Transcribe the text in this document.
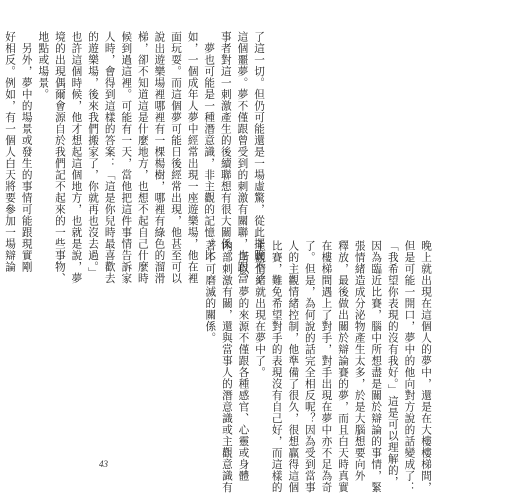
了這一切。但仍可能還是一場虛驚，從此擺脫不了
這個噩夢。夢不僅跟曾受到的刺激有關聯，也跟當
事者對這一刺激產生的後續聯想有很大關係。
　夢也可能是一種潛意識，非主觀的記憶。比
如，一個成年人夢中經常出現一座遊樂場，他在裡
面玩耍。而這個夢可能日後經常出現，他甚至可以
說出遊樂場裡哪裡有一棵楊樹，哪裡有綠色的溜滑
梯，卻不知道這是什麼地方，也想不起自己什麼時
候到過這裡。可能有一天，當他把這件事情告訴家
人時，會得到這樣的答案：「這是你兒時最喜歡去
的遊樂場，後來我們搬家了，你就再也沒去過。」
也許這個時候，他才想起這個地方，也就是說，夢
境的出現偶爾會源自於我們記不起來的一些事物、
地點或場景。
　另外，夢中的場景或發生的事情可能跟現實剛
好相反。例如，有一個人白天將要參加一場辯論
晚上就出現在這個人的夢中，還是在大樓樓梯間，
但是可能一開口，夢中的他向對方說的話變成了：
「我希望你表現的沒有我好。」這是可以理解的，
因為臨近比賽，腦中所想盡是關於辯論的事情，緊
張情緒造成分泌物產生太多，於是大腦想要向外
釋放，最後做出關於辯論賽的夢，而且白天時真實
在樓梯間遇上了對手，對手出現在夢中亦不足為奇
了。但是，為何說的話完全相反呢？因為受到當事
人的主觀情緒控制，他準備了很久，很想贏得這個
比賽，難免希望對手的表現沒有自己好，而這樣的
主觀情緒就出現在夢中了。
　所以，夢的來源不僅跟各種感官、心靈或身體
內部刺激有關，還與當事人的潛意識或主觀意識有
著不可磨滅的關係。
43
